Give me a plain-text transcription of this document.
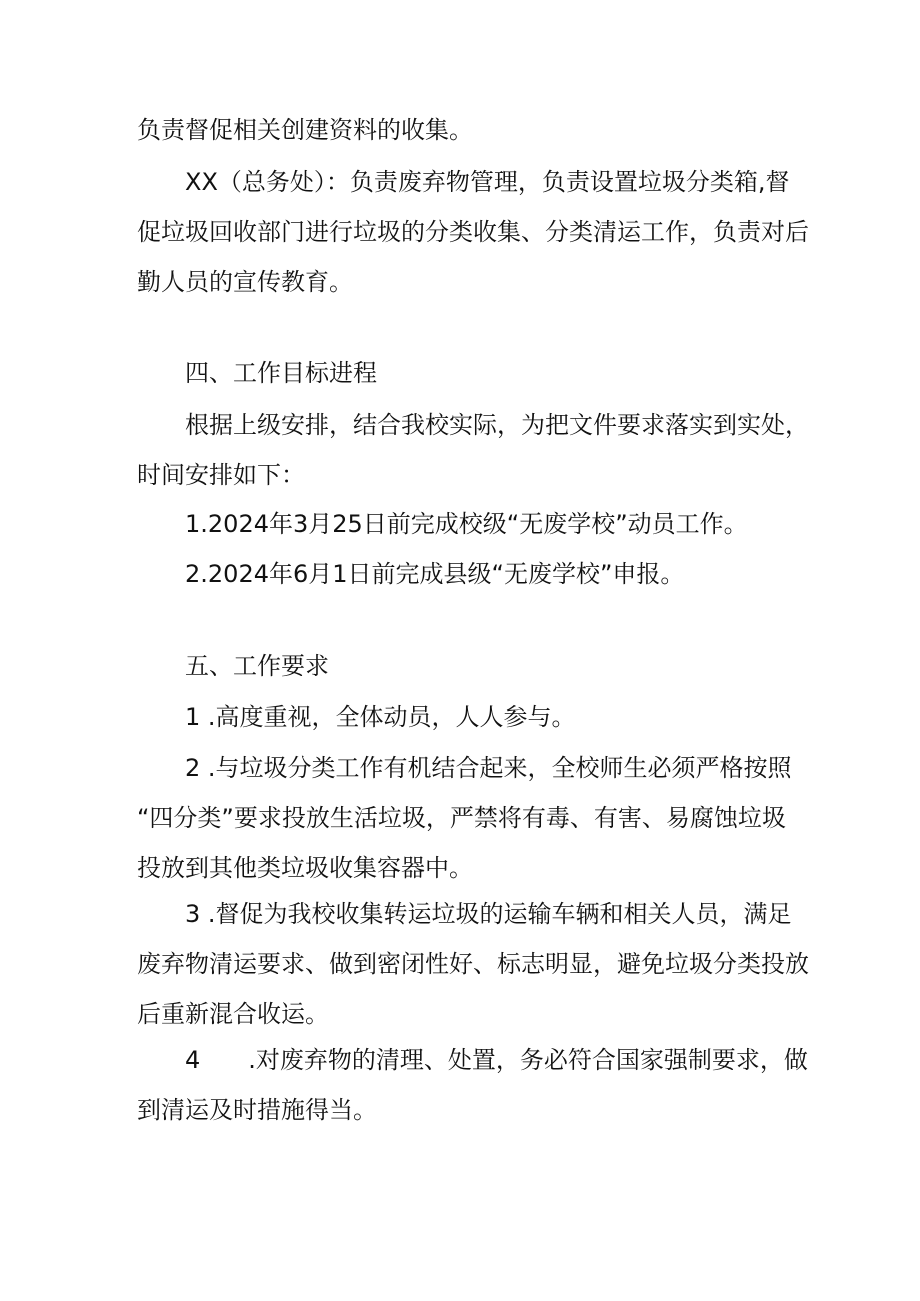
负责督促相关创建资料的收集。
XX（总务处）：负责废弃物管理，负责设置垃圾分类箱,督
促垃圾回收部门进行垃圾的分类收集、分类清运工作，负责对后
勤人员的宣传教育。
四、工作目标进程
根据上级安排，结合我校实际，为把文件要求落实到实处，
时间安排如下：
1.2024年3月25日前完成校级“无废学校”动员工作。
2.2024年6月1日前完成县级“无废学校”申报。
五、工作要求
1 .高度重视，全体动员，人人参与。
2 .与垃圾分类工作有机结合起来，全校师生必须严格按照
“四分类”要求投放生活垃圾，严禁将有毒、有害、易腐蚀垃圾
投放到其他类垃圾收集容器中。
3 .督促为我校收集转运垃圾的运输车辆和相关人员，满足
废弃物清运要求、做到密闭性好、标志明显，避免垃圾分类投放
后重新混合收运。
4  .对废弃物的清理、处置，务必符合国家强制要求，做
到清运及时措施得当。
